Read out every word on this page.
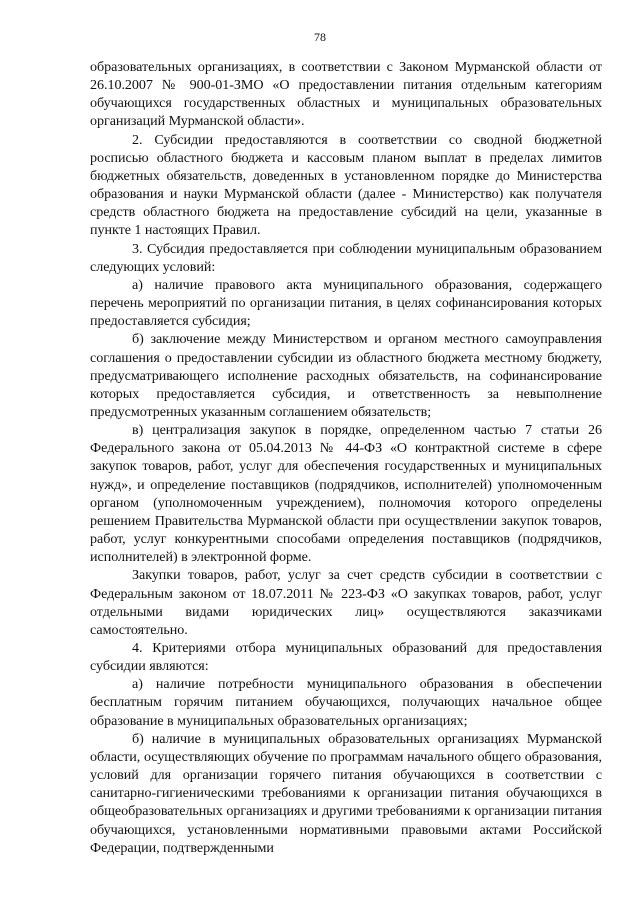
78

образовательных организациях, в соответствии с Законом Мурманской области от 26.10.2007 № 900-01-ЗМО «О предоставлении питания отдельным категориям обучающихся государственных областных и муниципальных образовательных организаций Мурманской области».

2. Субсидии предоставляются в соответствии со сводной бюджетной росписью областного бюджета и кассовым планом выплат в пределах лимитов бюджетных обязательств, доведенных в установленном порядке до Министерства образования и науки Мурманской области (далее - Министерство) как получателя средств областного бюджета на предоставление субсидий на цели, указанные в пункте 1 настоящих Правил.

3. Субсидия предоставляется при соблюдении муниципальным образованием следующих условий:

а) наличие правового акта муниципального образования, содержащего перечень мероприятий по организации питания, в целях софинансирования которых предоставляется субсидия;

б) заключение между Министерством и органом местного самоуправления соглашения о предоставлении субсидии из областного бюджета местному бюджету, предусматривающего исполнение расходных обязательств, на софинансирование которых предоставляется субсидия, и ответственность за невыполнение предусмотренных указанным соглашением обязательств;

в) централизация закупок в порядке, определенном частью 7 статьи 26 Федерального закона от 05.04.2013 № 44-ФЗ «О контрактной системе в сфере закупок товаров, работ, услуг для обеспечения государственных и муниципальных нужд», и определение поставщиков (подрядчиков, исполнителей) уполномоченным органом (уполномоченным учреждением), полномочия которого определены решением Правительства Мурманской области при осуществлении закупок товаров, работ, услуг конкурентными способами определения поставщиков (подрядчиков, исполнителей) в электронной форме.

Закупки товаров, работ, услуг за счет средств субсидии в соответствии с Федеральным законом от 18.07.2011 № 223-ФЗ «О закупках товаров, работ, услуг отдельными видами юридических лиц» осуществляются заказчиками самостоятельно.

4. Критериями отбора муниципальных образований для предоставления субсидии являются:

а) наличие потребности муниципального образования в обеспечении бесплатным горячим питанием обучающихся, получающих начальное общее образование в муниципальных образовательных организациях;

б) наличие в муниципальных образовательных организациях Мурманской области, осуществляющих обучение по программам начального общего образования, условий для организации горячего питания обучающихся в соответствии с санитарно-гигиеническими требованиями к организации питания обучающихся в общеобразовательных организациях и другими требованиями к организации питания обучающихся, установленными нормативными правовыми актами Российской Федерации, подтвержденными
